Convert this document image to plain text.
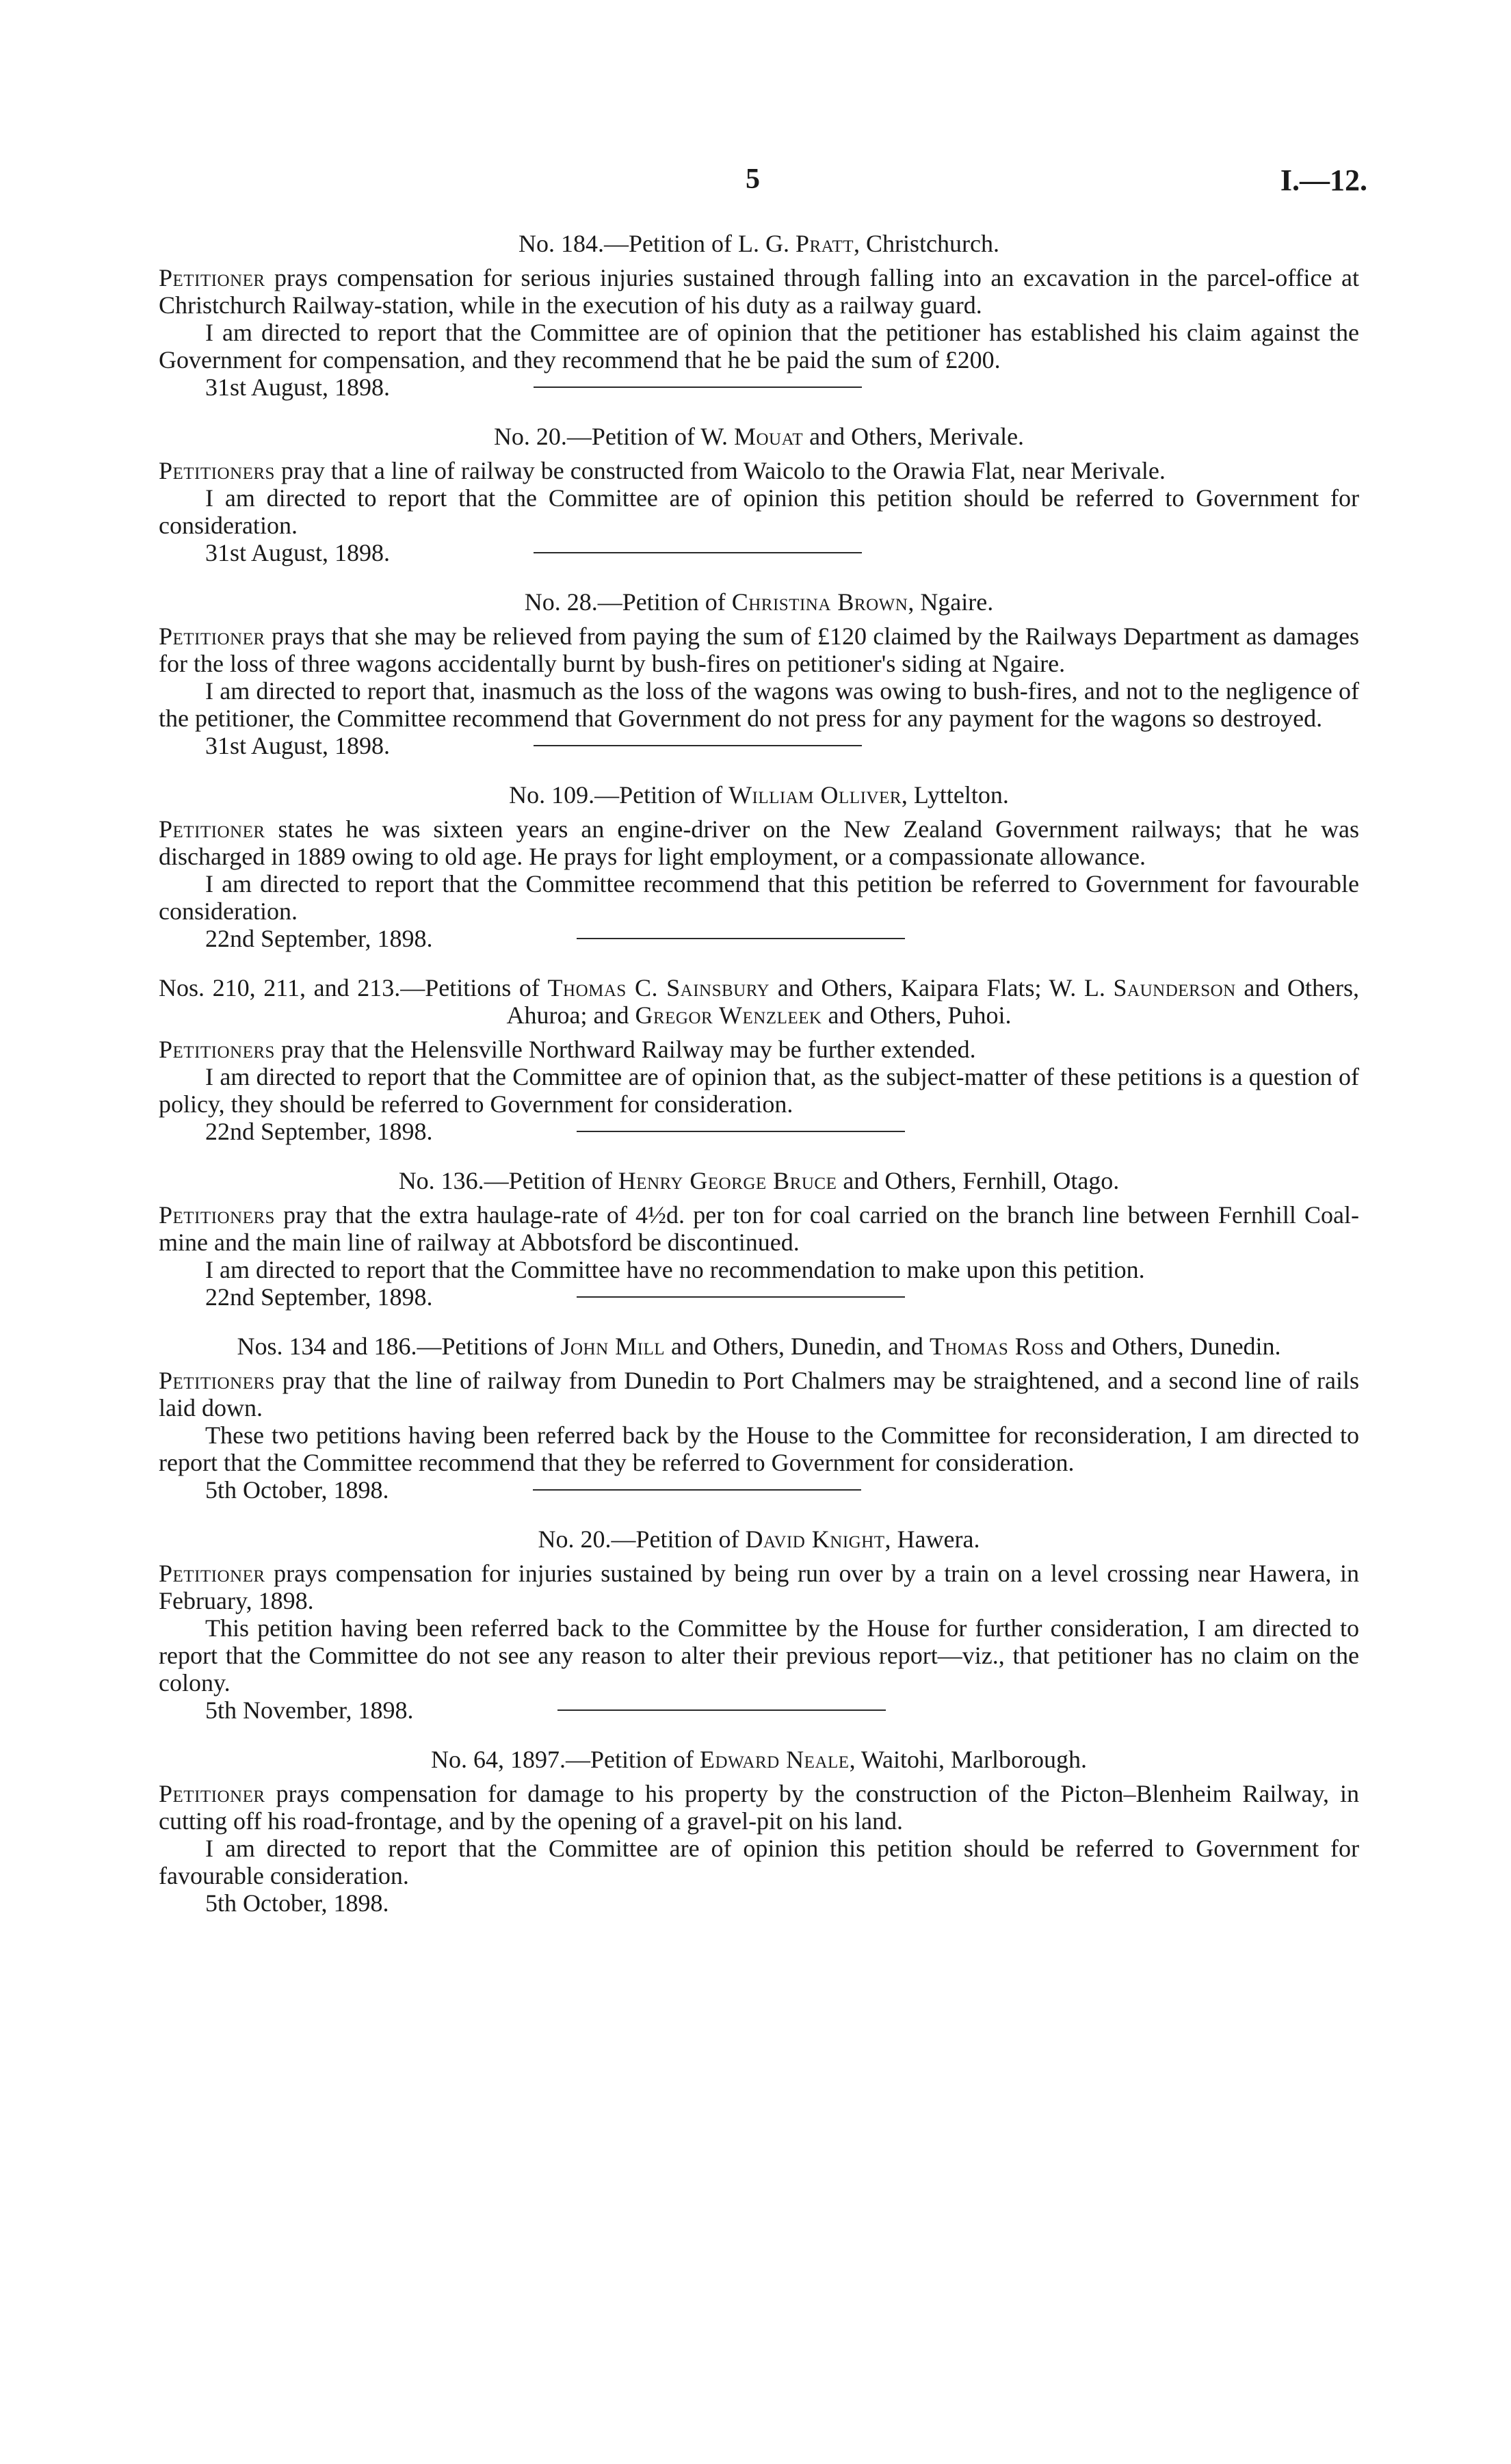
5	I.—12.
No. 184.—Petition of L. G. Pratt, Christchurch.

Petitioner prays compensation for serious injuries sustained through falling into an excavation in the parcel-office at Christchurch Railway-station, while in the execution of his duty as a railway guard.

I am directed to report that the Committee are of opinion that the petitioner has established his claim against the Government for compensation, and they recommend that he be paid the sum of £200.

31st August, 1898.

No. 20.—Petition of W. Mouat and Others, Merivale.

Petitioners pray that a line of railway be constructed from Waicolo to the Orawia Flat, near Merivale.

I am directed to report that the Committee are of opinion this petition should be referred to Government for consideration.

31st August, 1898.

No. 28.—Petition of Christina Brown, Ngaire.

Petitioner prays that she may be relieved from paying the sum of £120 claimed by the Railways Department as damages for the loss of three wagons accidentally burnt by bush-fires on petitioner's siding at Ngaire.

I am directed to report that, inasmuch as the loss of the wagons was owing to bush-fires, and not to the negligence of the petitioner, the Committee recommend that Government do not press for any payment for the wagons so destroyed.

31st August, 1898.

No. 109.—Petition of William Olliver, Lyttelton.

Petitioner states he was sixteen years an engine-driver on the New Zealand Government railways; that he was discharged in 1889 owing to old age. He prays for light employment, or a compassionate allowance.

I am directed to report that the Committee recommend that this petition be referred to Government for favourable consideration.

22nd September, 1898.

Nos. 210, 211, and 213.—Petitions of Thomas C. Sainsbury and Others, Kaipara Flats; W. L. Saunderson and Others, Ahuroa; and Gregor Wenzleek and Others, Puhoi.

Petitioners pray that the Helensville Northward Railway may be further extended.

I am directed to report that the Committee are of opinion that, as the subject-matter of these petitions is a question of policy, they should be referred to Government for consideration.

22nd September, 1898.

No. 136.—Petition of Henry George Bruce and Others, Fernhill, Otago.

Petitioners pray that the extra haulage-rate of 4½d. per ton for coal carried on the branch line between Fernhill Coal-mine and the main line of railway at Abbotsford be discontinued.

I am directed to report that the Committee have no recommendation to make upon this petition.

22nd September, 1898.

Nos. 134 and 186.—Petitions of John Mill and Others, Dunedin, and Thomas Ross and Others, Dunedin.

Petitioners pray that the line of railway from Dunedin to Port Chalmers may be straightened, and a second line of rails laid down.

These two petitions having been referred back by the House to the Committee for reconsideration, I am directed to report that the Committee recommend that they be referred to Government for consideration.

5th October, 1898.

No. 20.—Petition of David Knight, Hawera.

Petitioner prays compensation for injuries sustained by being run over by a train on a level crossing near Hawera, in February, 1898.

This petition having been referred back to the Committee by the House for further consideration, I am directed to report that the Committee do not see any reason to alter their previous report—viz., that petitioner has no claim on the colony.

5th November, 1898.

No. 64, 1897.—Petition of Edward Neale, Waitohi, Marlborough.

Petitioner prays compensation for damage to his property by the construction of the Picton–Blenheim Railway, in cutting off his road-frontage, and by the opening of a gravel-pit on his land.

I am directed to report that the Committee are of opinion this petition should be referred to Government for favourable consideration.

5th October, 1898.
